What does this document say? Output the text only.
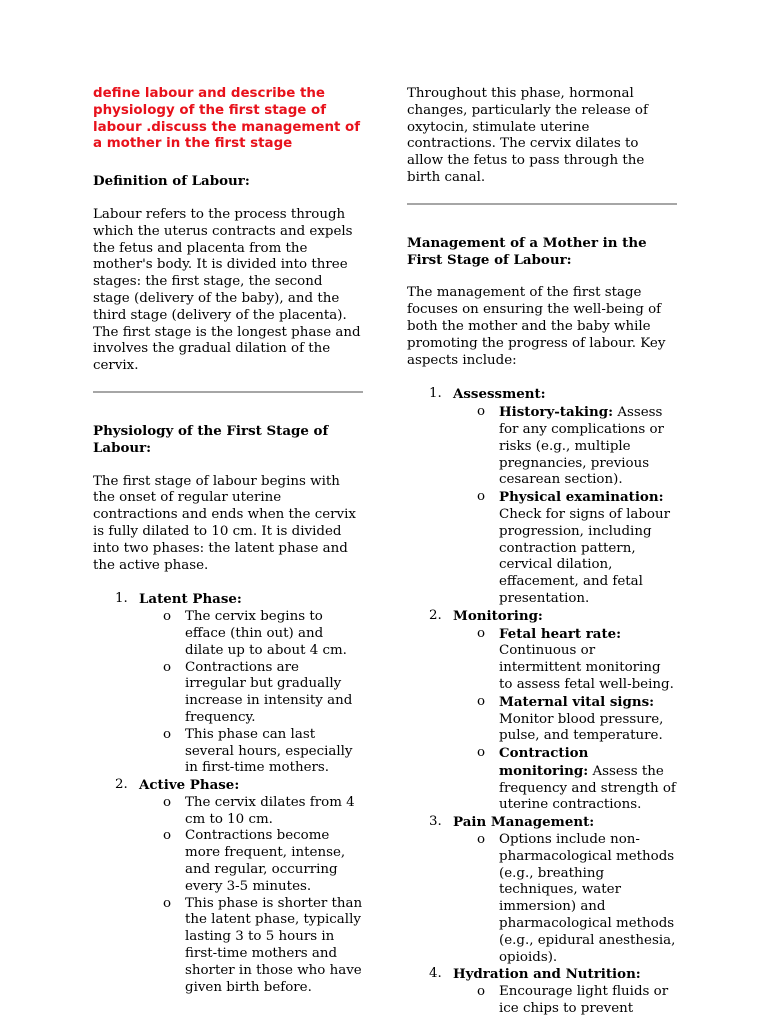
define labour and describe the physiology of the first stage of labour .discuss the management of a mother in the first stage

Definition of Labour:

Labour refers to the process through which the uterus contracts and expels the fetus and placenta from the mother's body. It is divided into three stages: the first stage, the second stage (delivery of the baby), and the third stage (delivery of the placenta). The first stage is the longest phase and involves the gradual dilation of the cervix.

Physiology of the First Stage of Labour:

The first stage of labour begins with the onset of regular uterine contractions and ends when the cervix is fully dilated to 10 cm. It is divided into two phases: the latent phase and the active phase.

1. Latent Phase:
o The cervix begins to efface (thin out) and dilate up to about 4 cm.
o Contractions are irregular but gradually increase in intensity and frequency.
o This phase can last several hours, especially in first-time mothers.
2. Active Phase:
o The cervix dilates from 4 cm to 10 cm.
o Contractions become more frequent, intense, and regular, occurring every 3-5 minutes.
o This phase is shorter than the latent phase, typically lasting 3 to 5 hours in first-time mothers and shorter in those who have given birth before.

Throughout this phase, hormonal changes, particularly the release of oxytocin, stimulate uterine contractions. The cervix dilates to allow the fetus to pass through the birth canal.

Management of a Mother in the First Stage of Labour:

The management of the first stage focuses on ensuring the well-being of both the mother and the baby while promoting the progress of labour. Key aspects include:

1. Assessment:
o History-taking: Assess for any complications or risks (e.g., multiple pregnancies, previous cesarean section).
o Physical examination: Check for signs of labour progression, including contraction pattern, cervical dilation, effacement, and fetal presentation.
2. Monitoring:
o Fetal heart rate: Continuous or intermittent monitoring to assess fetal well-being.
o Maternal vital signs: Monitor blood pressure, pulse, and temperature.
o Contraction monitoring: Assess the frequency and strength of uterine contractions.
3. Pain Management:
o Options include non-pharmacological methods (e.g., breathing techniques, water immersion) and pharmacological methods (e.g., epidural anesthesia, opioids).
4. Hydration and Nutrition:
o Encourage light fluids or ice chips to prevent
